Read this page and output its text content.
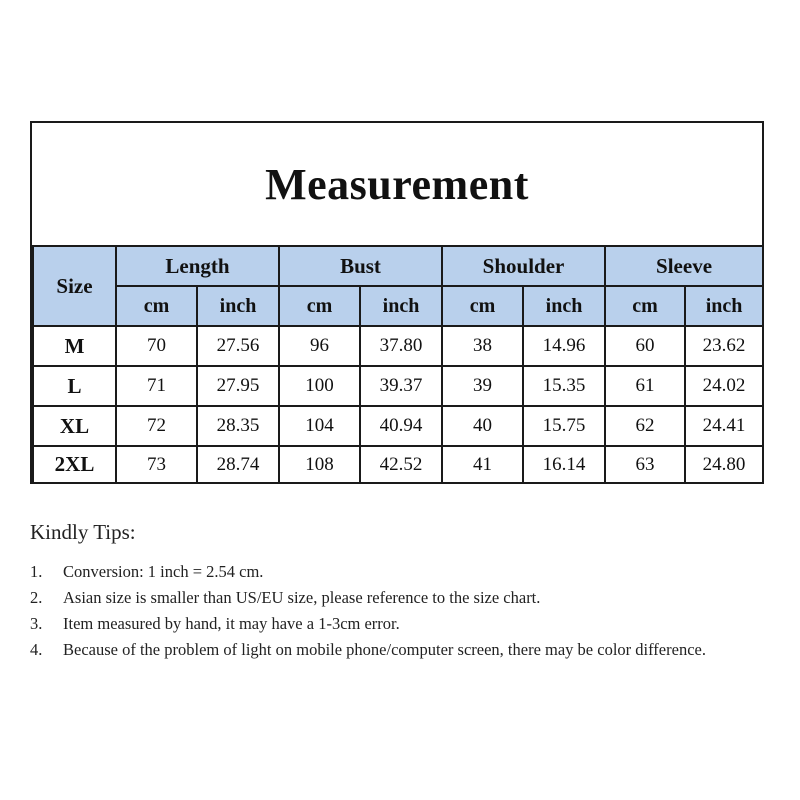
Measurement
Size	Length		Bust		Shoulder		Sleeve	
	cm	inch	cm	inch	cm	inch	cm	inch
M	70	27.56	96	37.80	38	14.96	60	23.62
L	71	27.95	100	39.37	39	15.35	61	24.02
XL	72	28.35	104	40.94	40	15.75	62	24.41
2XL	73	28.74	108	42.52	41	16.14	63	24.80
Kindly Tips:
1.	Conversion: 1 inch = 2.54 cm.
2.	Asian size is smaller than US/EU size, please reference to the size chart.
3.	Item measured by hand, it may have a 1-3cm error.
4.	Because of the problem of light on mobile phone/computer screen, there may be color difference.
